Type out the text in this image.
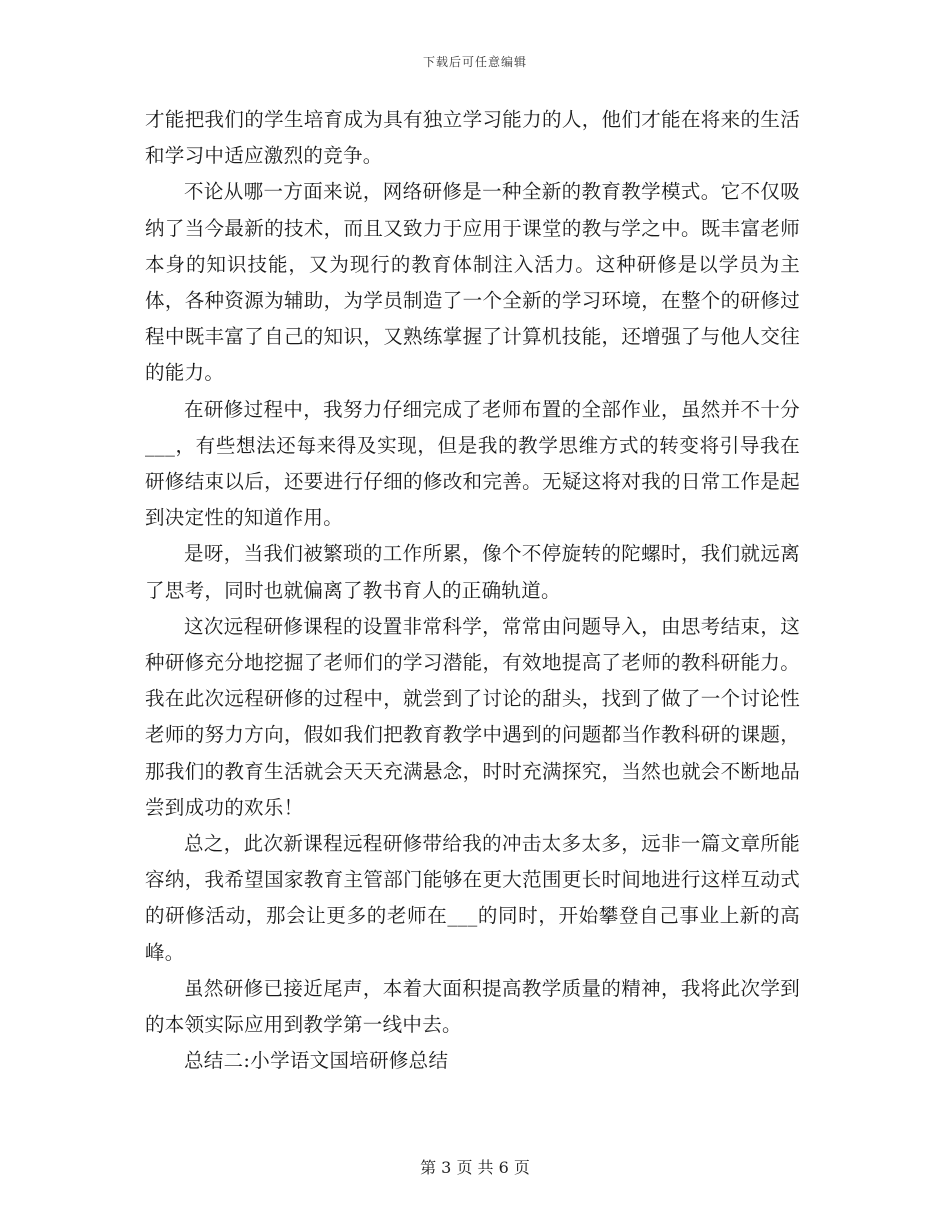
下载后可任意编辑

才能把我们的学生培育成为具有独立学习能力的人，他们才能在将来的生活和学习中适应激烈的竞争。

不论从哪一方面来说，网络研修是一种全新的教育教学模式。它不仅吸纳了当今最新的技术，而且又致力于应用于课堂的教与学之中。既丰富老师本身的知识技能，又为现行的教育体制注入活力。这种研修是以学员为主体，各种资源为辅助，为学员制造了一个全新的学习环境，在整个的研修过程中既丰富了自己的知识，又熟练掌握了计算机技能，还增强了与他人交往的能力。

在研修过程中，我努力仔细完成了老师布置的全部作业，虽然并不十分___，有些想法还每来得及实现，但是我的教学思维方式的转变将引导我在研修结束以后，还要进行仔细的修改和完善。无疑这将对我的日常工作是起到决定性的知道作用。

是呀，当我们被繁琐的工作所累，像个不停旋转的陀螺时，我们就远离了思考，同时也就偏离了教书育人的正确轨道。

这次远程研修课程的设置非常科学，常常由问题导入，由思考结束，这种研修充分地挖掘了老师们的学习潜能，有效地提高了老师的教科研能力。我在此次远程研修的过程中，就尝到了讨论的甜头，找到了做了一个讨论性老师的努力方向，假如我们把教育教学中遇到的问题都当作教科研的课题，那我们的教育生活就会天天充满悬念，时时充满探究，当然也就会不断地品尝到成功的欢乐！

总之，此次新课程远程研修带给我的冲击太多太多，远非一篇文章所能容纳，我希望国家教育主管部门能够在更大范围更长时间地进行这样互动式的研修活动，那会让更多的老师在___的同时，开始攀登自己事业上新的高峰。

虽然研修已接近尾声，本着大面积提高教学质量的精神，我将此次学到的本领实际应用到教学第一线中去。

总结二:小学语文国培研修总结

第 3 页 共 6 页
